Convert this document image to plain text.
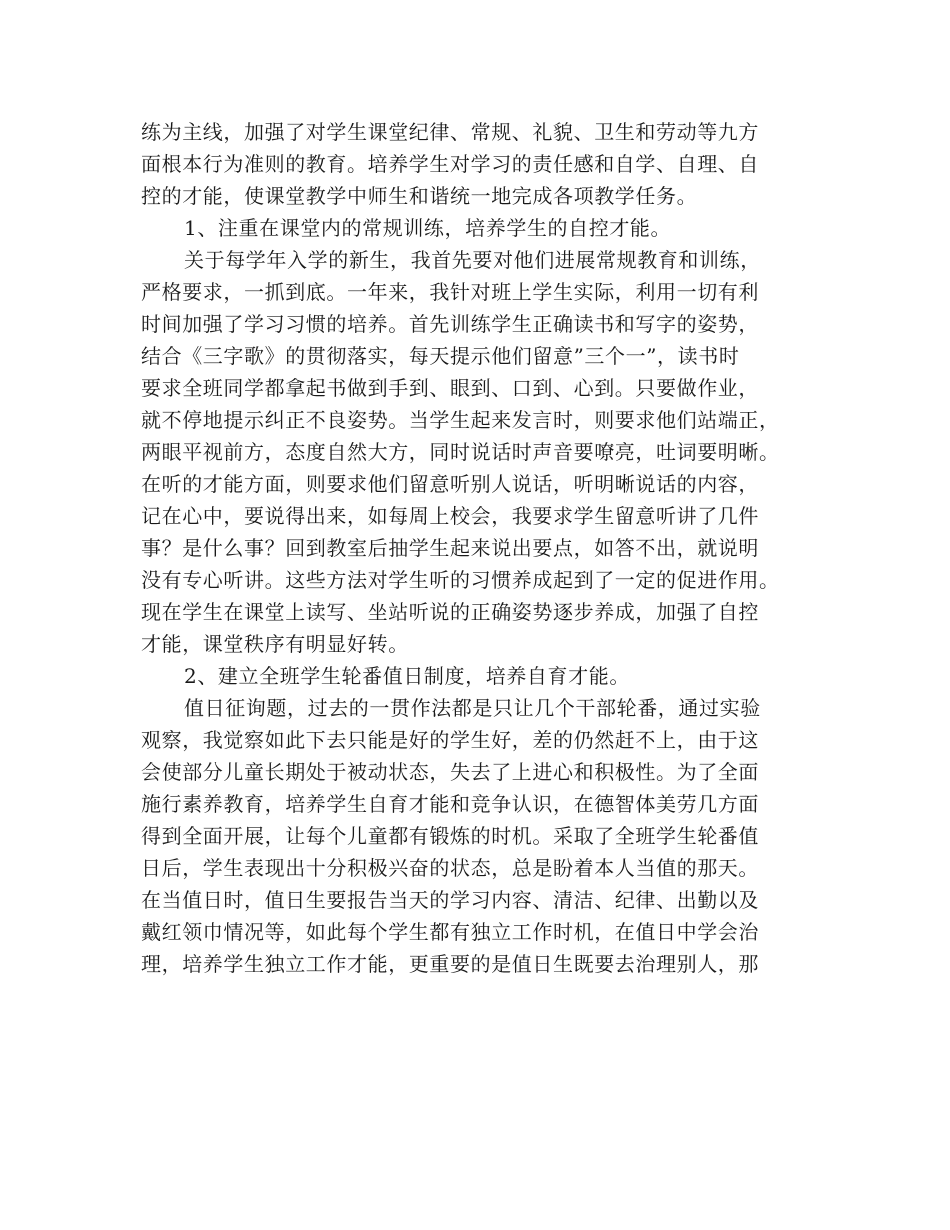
练为主线，加强了对学生课堂纪律、常规、礼貌、卫生和劳动等九方
面根本行为准则的教育。培养学生对学习的责任感和自学、自理、自
控的才能，使课堂教学中师生和谐统一地完成各项教学任务。
1、注重在课堂内的常规训练，培养学生的自控才能。
关于每学年入学的新生，我首先要对他们进展常规教育和训练，
严格要求，一抓到底。一年来，我针对班上学生实际，利用一切有利
时间加强了学习习惯的培养。首先训练学生正确读书和写字的姿势，
结合《三字歌》的贯彻落实，每天提示他们留意”三个一”，读书时
要求全班同学都拿起书做到手到、眼到、口到、心到。只要做作业，
就不停地提示纠正不良姿势。当学生起来发言时，则要求他们站端正，
两眼平视前方，态度自然大方，同时说话时声音要嘹亮，吐词要明晰。
在听的才能方面，则要求他们留意听别人说话，听明晰说话的内容，
记在心中，要说得出来，如每周上校会，我要求学生留意听讲了几件
事？是什么事？回到教室后抽学生起来说出要点，如答不出，就说明
没有专心听讲。这些方法对学生听的习惯养成起到了一定的促进作用。
现在学生在课堂上读写、坐站听说的正确姿势逐步养成，加强了自控
才能，课堂秩序有明显好转。
2、建立全班学生轮番值日制度，培养自育才能。
值日征询题，过去的一贯作法都是只让几个干部轮番，通过实验
观察，我觉察如此下去只能是好的学生好，差的仍然赶不上，由于这
会使部分儿童长期处于被动状态，失去了上进心和积极性。为了全面
施行素养教育，培养学生自育才能和竞争认识，在德智体美劳几方面
得到全面开展，让每个儿童都有锻炼的时机。采取了全班学生轮番值
日后，学生表现出十分积极兴奋的状态，总是盼着本人当值的那天。
在当值日时，值日生要报告当天的学习内容、清洁、纪律、出勤以及
戴红领巾情况等，如此每个学生都有独立工作时机，在值日中学会治
理，培养学生独立工作才能，更重要的是值日生既要去治理别人，那
